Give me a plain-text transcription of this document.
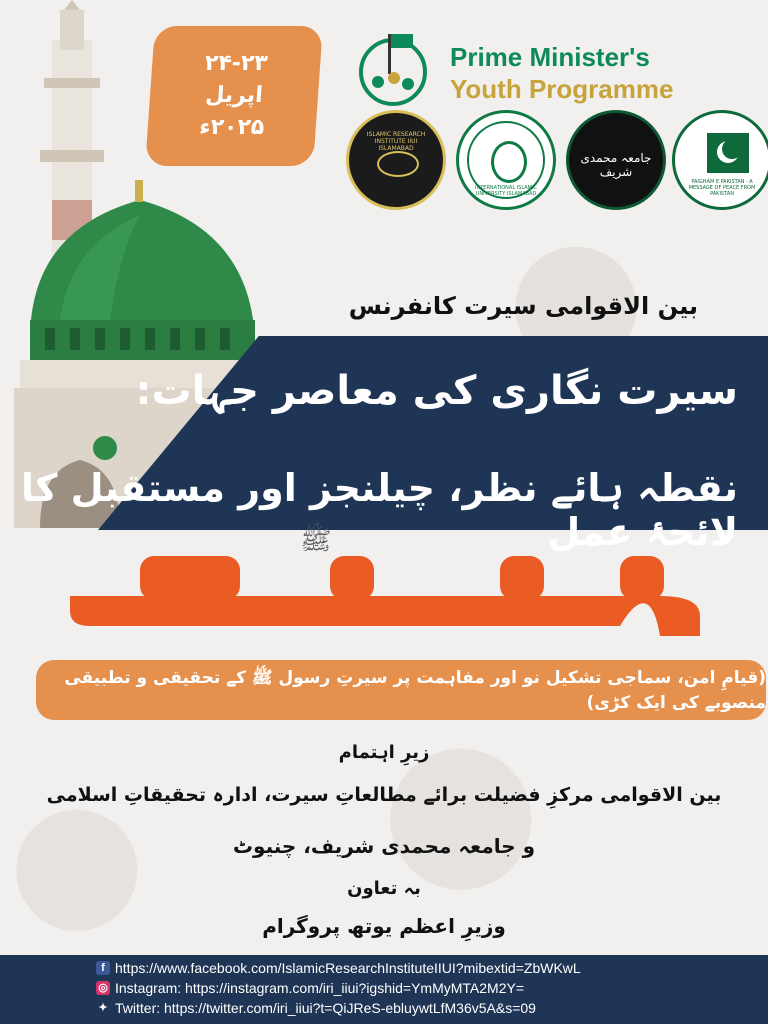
۲۴-۲۳
اپریل
۲۰۲۵ء
Prime Minister's
Youth Programme
ISLAMIC RESEARCH INSTITUTE IIUI ISLAMABAD
INTERNATIONAL ISLAMIC UNIVERSITY ISLAMABAD
جامعہ محمدی شریف
PAIGHAM E PAKISTAN · A MESSAGE OF PEACE FROM PAKISTAN
بین الاقوامی سیرت کانفرنس
سیرت نگاری کی معاصر جہات:
نقطہ ہائے نظر، چیلنجز اور مستقبل کا لائحۂ عمل
ﷺ
(قیامِ امن، سماجی تشکیل نو اور مفاہمت پر سیرتِ رسول ﷺ کے تحقیقی و تطبیقی منصوبے کی ایک کڑی)
زیرِ اہتمام
بین الاقوامی مرکزِ فضیلت برائے مطالعاتِ سیرت، ادارہ تحقیقاتِ اسلامی
و جامعہ محمدی شریف، چنیوٹ
بہ تعاون
وزیرِ اعظم یوتھ پروگرام
f https://www.facebook.com/IslamicResearchInstituteIIUI?mibextid=ZbWKwL
◎ Instagram: https://instagram.com/iri_iiui?igshid=YmMyMTA2M2Y=
✦ Twitter: https://twitter.com/iri_iiui?t=QiJReS-ebluywtLfM36v5A&s=09
